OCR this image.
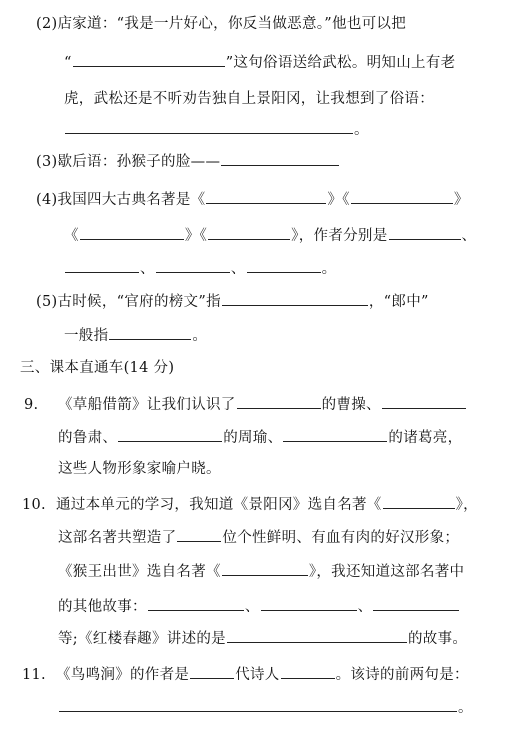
(2)店家道：“我是一片好心，你反当做恶意。”他也可以把
“	”这句俗语送给武松。明知山上有老
虎，武松还是不听劝告独自上景阳冈，让我想到了俗语：
。
(3)歇后语：孙猴子的脸——
(4)我国四大古典名著是《	》《	》
《	》《	》，作者分别是	、
、	、	。
(5)古时候，“官府的榜文”指	，“郎中”
一般指	。
三、课本直通车(14 分)
9. 《草船借箭》让我们认识了	的曹操、
的鲁肃、	的周瑜、	的诸葛亮，
这些人物形象家喻户晓。
10. 通过本单元的学习，我知道《景阳冈》选自名著《	》，
这部名著共塑造了	位个性鲜明、有血有肉的好汉形象；
《猴王出世》选自名著《	》，我还知道这部名著中
的其他故事：	、	、
等;《红楼春趣》讲述的是	的故事。
11. 《鸟鸣涧》的作者是	代诗人	。该诗的前两句是：
。
